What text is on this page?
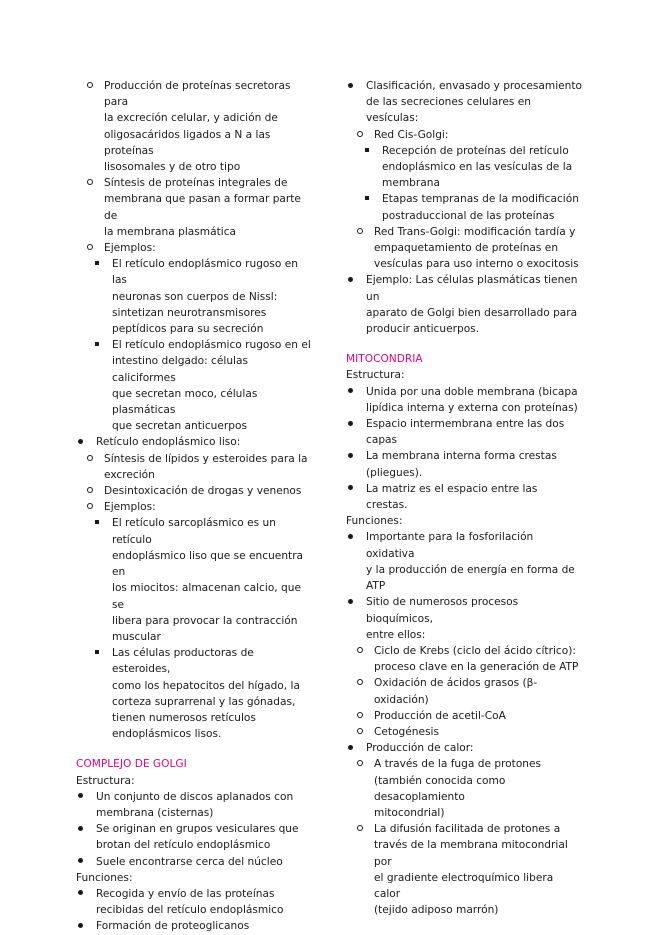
Producción de proteínas secretoras para

la excreción celular, y adición de

oligosacáridos ligados a N a las proteínas

lisosomales y de otro tipo

Síntesis de proteínas integrales de

membrana que pasan a formar parte de

la membrana plasmática

Ejemplos:

El retículo endoplásmico rugoso en las

neuronas son cuerpos de Nissl:

sintetizan neurotransmisores

peptídicos para su secreción

El retículo endoplásmico rugoso en el

intestino delgado: células caliciformes

que secretan moco, células plasmáticas

que secretan anticuerpos

Retículo endoplásmico liso:

Síntesis de lípidos y esteroides para la

excreción

Desintoxicación de drogas y venenos

Ejemplos:

El retículo sarcoplásmico es un retículo

endoplásmico liso que se encuentra en

los miocitos: almacenan calcio, que se

libera para provocar la contracción

muscular

Las células productoras de esteroides,

como los hepatocitos del hígado, la

corteza suprarrenal y las gónadas,

tienen numerosos retículos

endoplásmicos lisos.

COMPLEJO DE GOLGI
Estructura:

Un conjunto de discos aplanados con

membrana (cisternas)

Se originan en grupos vesiculares que

brotan del retículo endoplásmico

Suele encontrarse cerca del núcleo

Funciones:

Recogida y envío de las proteínas

recibidas del retículo endoplásmico

Formación de proteoglicanos

Clasificación, envasado y procesamiento

de las secreciones celulares en vesículas:

Red Cis-Golgi:

Recepción de proteínas del retículo

endoplásmico en las vesículas de la

membrana

Etapas tempranas de la modificación

postraduccional de las proteínas

Red Trans-Golgi: modificación tardía y

empaquetamiento de proteínas en

vesículas para uso interno o exocitosis

Ejemplo: Las células plasmáticas tienen un

aparato de Golgi bien desarrollado para

producir anticuerpos.

MITOCONDRIA
Estructura:

Unida por una doble membrana (bicapa

lipídica interna y externa con proteínas)

Espacio intermembrana entre las dos

capas

La membrana interna forma crestas

(pliegues).

La matriz es el espacio entre las crestas.

Funciones:

Importante para la fosforilación oxidativa

y la producción de energía en forma de

ATP

Sitio de numerosos procesos bioquímicos,

entre ellos:

Ciclo de Krebs (ciclo del ácido cítrico):

proceso clave en la generación de ATP

Oxidación de ácidos grasos (β-oxidación)

Producción de acetil-CoA

Cetogénesis

Producción de calor:

A través de la fuga de protones

(también conocida como desacoplamiento

mitocondrial)

La difusión facilitada de protones a

través de la membrana mitocondrial por

el gradiente electroquímico libera calor

(tejido adiposo marrón)
